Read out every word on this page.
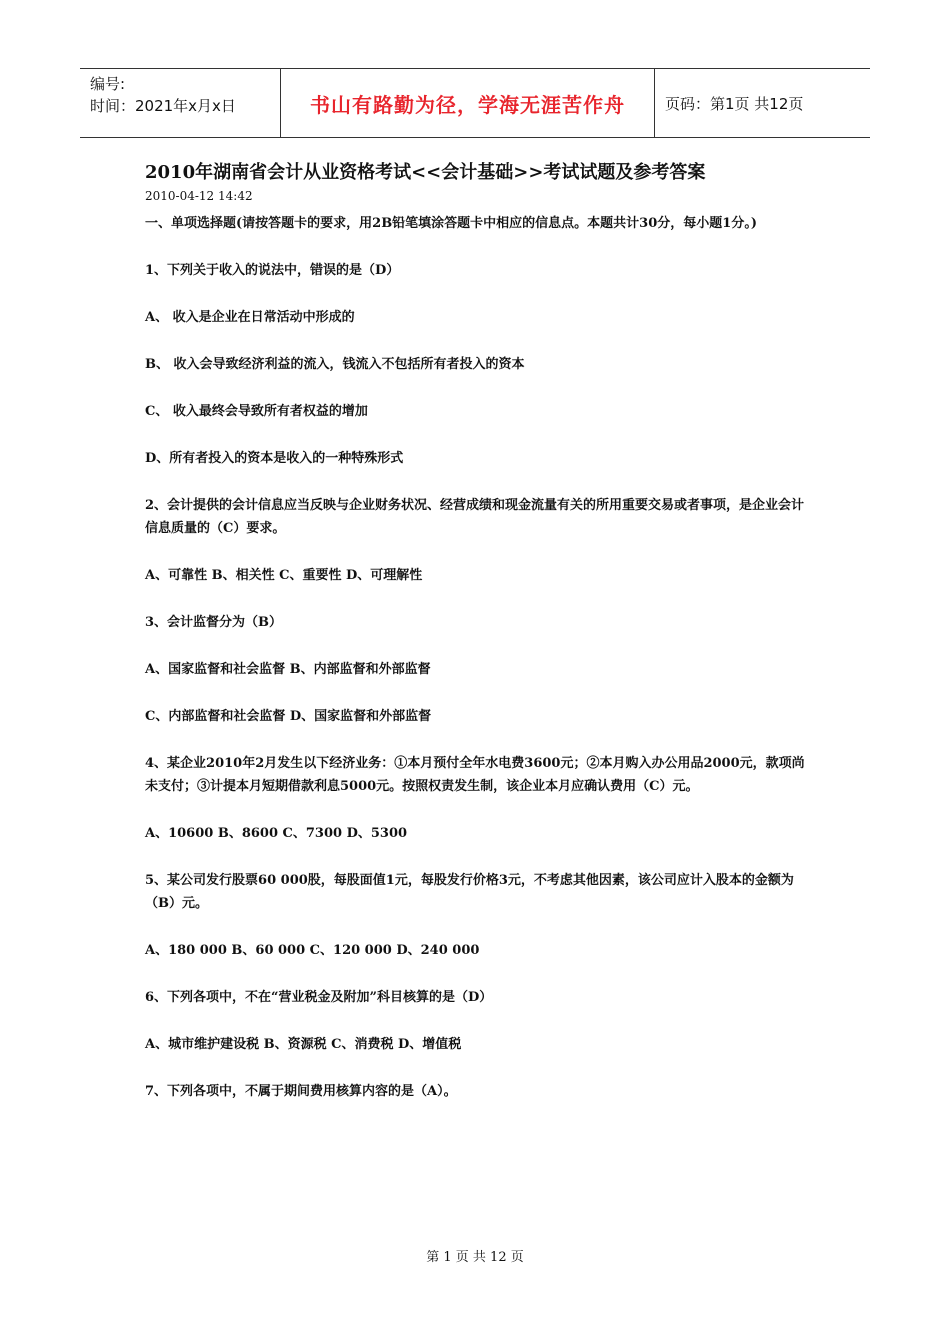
编号:
时间：2021年x月x日	书山有路勤为径，学海无涯苦作舟	页码：第1页 共12页

2010年湖南省会计从业资格考试<<会计基础>>考试试题及参考答案

2010-04-12 14:42

一、单项选择题(请按答题卡的要求，用2B铅笔填涂答题卡中相应的信息点。本题共计30分，每小题1分。)

1、下列关于收入的说法中，错误的是（D）

A、 收入是企业在日常活动中形成的

B、 收入会导致经济利益的流入，钱流入不包括所有者投入的资本

C、 收入最终会导致所有者权益的增加

D、所有者投入的资本是收入的一种特殊形式

2、会计提供的会计信息应当反映与企业财务状况、经营成绩和现金流量有关的所用重要交易或者事项，是企业会计信息质量的（C）要求。

A、可靠性 B、相关性 C、重要性 D、可理解性

3、会计监督分为（B）

A、国家监督和社会监督 B、内部监督和外部监督

C、内部监督和社会监督 D、国家监督和外部监督

4、某企业2010年2月发生以下经济业务：①本月预付全年水电费3600元；②本月购入办公用品2000元，款项尚未支付；③计提本月短期借款利息5000元。按照权责发生制，该企业本月应确认费用（C）元。

A、10600 B、8600 C、7300 D、5300

5、某公司发行股票60 000股，每股面值1元，每股发行价格3元，不考虑其他因素，该公司应计入股本的金额为（B）元。

A、180 000 B、60 000 C、120 000 D、240 000

6、下列各项中，不在“营业税金及附加”科目核算的是（D）

A、城市维护建设税 B、资源税 C、消费税 D、增值税

7、下列各项中，不属于期间费用核算内容的是（A）。

第 1 页 共 12 页
